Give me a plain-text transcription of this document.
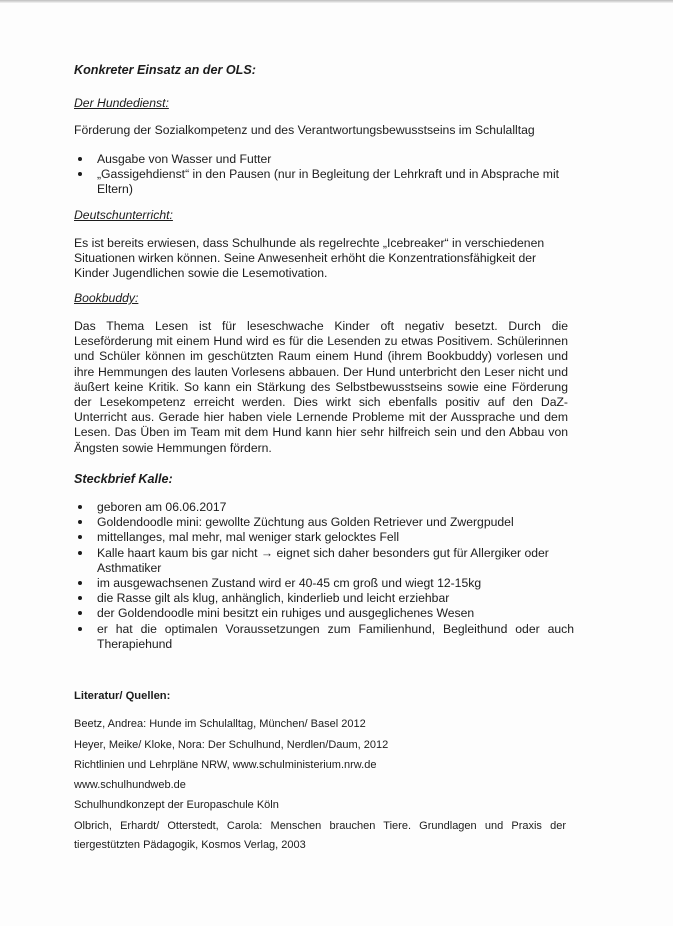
Konkreter Einsatz an der OLS:

Der Hundedienst:

Förderung der Sozialkompetenz und des Verantwortungsbewusstseins im Schulalltag

Ausgabe von Wasser und Futter
„Gassigehdienst“ in den Pausen (nur in Begleitung der Lehrkraft und in Absprache mit Eltern)

Deutschunterricht:

Es ist bereits erwiesen, dass Schulhunde als regelrechte „Icebreaker“ in verschiedenen Situationen wirken können. Seine Anwesenheit erhöht die Konzentrationsfähigkeit der Kinder Jugendlichen sowie die Lesemotivation.

Bookbuddy:

Das Thema Lesen ist für leseschwache Kinder oft negativ besetzt. Durch die Leseförderung mit einem Hund wird es für die Lesenden zu etwas Positivem. Schülerinnen und Schüler können im geschützten Raum einem Hund (ihrem Bookbuddy) vorlesen und ihre Hemmungen des lauten Vorlesens abbauen. Der Hund unterbricht den Leser nicht und äußert keine Kritik. So kann ein Stärkung des Selbstbewusstseins sowie eine Förderung der Lesekompetenz erreicht werden. Dies wirkt sich ebenfalls positiv auf den DaZ-Unterricht aus. Gerade hier haben viele Lernende Probleme mit der Aussprache und dem Lesen. Das Üben im Team mit dem Hund kann hier sehr hilfreich sein und den Abbau von Ängsten sowie Hemmungen fördern.

Steckbrief Kalle:

geboren am 06.06.2017
Goldendoodle mini: gewollte Züchtung aus Golden Retriever und Zwergpudel
mittellanges, mal mehr, mal weniger stark gelocktes Fell
Kalle haart kaum bis gar nicht → eignet sich daher besonders gut für Allergiker oder Asthmatiker
im ausgewachsenen Zustand wird er 40-45 cm groß und wiegt 12-15kg
die Rasse gilt als klug, anhänglich, kinderlieb und leicht erziehbar
der Goldendoodle mini besitzt ein ruhiges und ausgeglichenes Wesen
er hat die optimalen Voraussetzungen zum Familienhund, Begleithund oder auch Therapiehund

Literatur/ Quellen:

Beetz, Andrea: Hunde im Schulalltag, München/ Basel 2012

Heyer, Meike/ Kloke, Nora: Der Schulhund, Nerdlen/Daum, 2012

Richtlinien und Lehrpläne NRW, www.schulministerium.nrw.de

www.schulhundweb.de

Schulhundkonzept der Europaschule Köln

Olbrich, Erhardt/ Otterstedt, Carola: Menschen brauchen Tiere. Grundlagen und Praxis der tiergestützten Pädagogik, Kosmos Verlag, 2003
